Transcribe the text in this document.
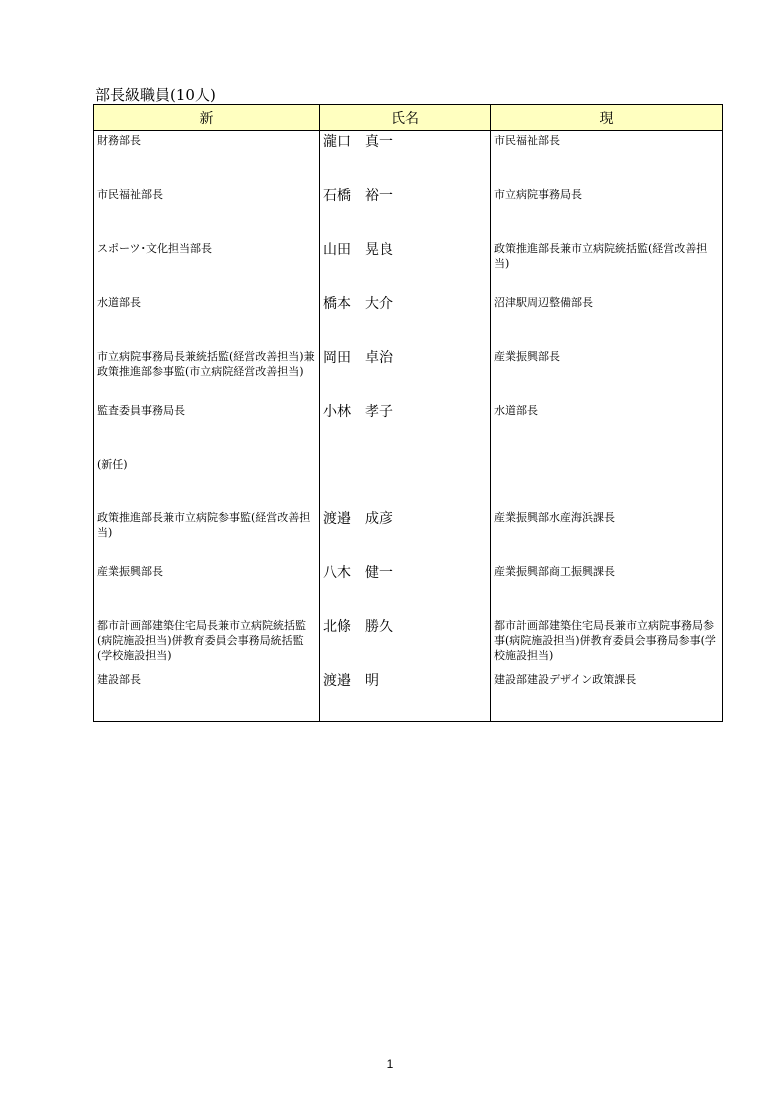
部長級職員(10人)
新	氏名	現
財務部長	瀧口　真一	市民福祉部長
市民福祉部長	石橋　裕一	市立病院事務局長
スポーツ･文化担当部長	山田　晃良	政策推進部長兼市立病院統括監(経営改善担当)
水道部長	橋本　大介	沼津駅周辺整備部長
市立病院事務局長兼統括監(経営改善担当)兼政策推進部参事監(市立病院経営改善担当)	岡田　卓治	産業振興部長
監査委員事務局長	小林　孝子	水道部長
(新任)		
政策推進部長兼市立病院参事監(経営改善担当)	渡邉　成彦	産業振興部水産海浜課長
産業振興部長	八木　健一	産業振興部商工振興課長
都市計画部建築住宅局長兼市立病院統括監(病院施設担当)併教育委員会事務局統括監(学校施設担当)	北條　勝久	都市計画部建築住宅局長兼市立病院事務局参事(病院施設担当)併教育委員会事務局参事(学校施設担当)
建設部長	渡邉　明	建設部建設デザイン政策課長
1
